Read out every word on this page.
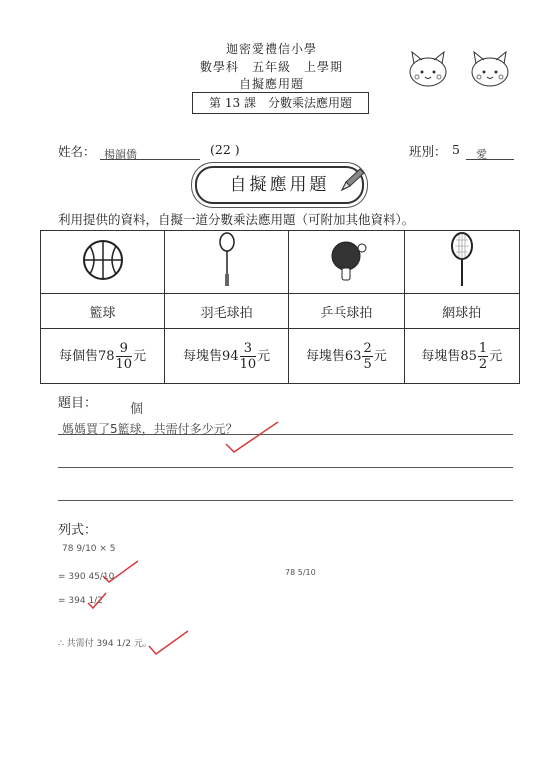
迦密愛禮信小學
數學科　五年級　上學期
自擬應用題
第 13 課　分數乘法應用題
姓名： 楊韻僑	(22 )	班別： 5	愛
自擬應用題
利用提供的資料，自擬一道分數乘法應用題（可附加其他資料）。

籃球	羽毛球拍	乒乓球拍	網球拍
每個售$78 \frac{9}{10}$ 元	每塊售$94 \frac{3}{10}$ 元	每塊售$63 \frac{2}{5}$ 元	每塊售$85 \frac{1}{2}$ 元
題目：	個
媽媽買了5籃球，共需付多少元？
列式：
78 9/10 × 5
= 390 45/10
= 394 1/2
∴ 共需付 394 1/2 元。
78 5/10
